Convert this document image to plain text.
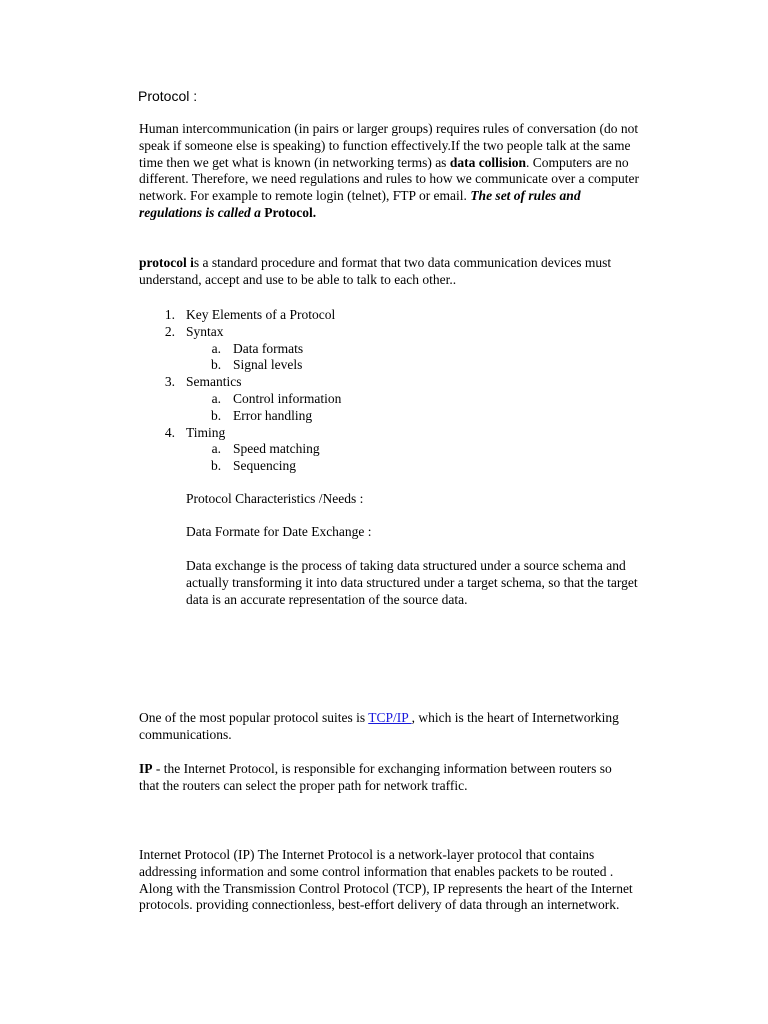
Protocol :
Human intercommunication (in pairs or larger groups) requires rules of conversation (do not speak if someone else is speaking) to function effectively.If the two people talk at the same time then we get what is known (in networking terms) as data collision. Computers are no different. Therefore, we need regulations and rules to how we communicate over a computer network. For example to remote login (telnet), FTP or email. The set of rules and regulations is called a Protocol.
protocol is a standard procedure and format that two data communication devices must understand, accept and use to be able to talk to each other..
1. Key Elements of a Protocol
2. Syntax
a. Data formats
b. Signal levels
3. Semantics
a. Control information
b. Error handling
4. Timing
a. Speed matching
b. Sequencing
Protocol Characteristics /Needs :
Data Formate for Date Exchange :
Data exchange is the process of taking data structured under a source schema and actually transforming it into data structured under a target schema, so that the target data is an accurate representation of the source data.
One of the most popular protocol suites is TCP/IP , which is the heart of Internetworking communications.
IP - the Internet Protocol, is responsible for exchanging information between routers so that the routers can select the proper path for network traffic.
Internet Protocol (IP) The Internet Protocol is a network-layer protocol that contains addressing information and some control information that enables packets to be routed . Along with the Transmission Control Protocol (TCP), IP represents the heart of the Internet protocols. providing connectionless, best-effort delivery of data through an internetwork.
